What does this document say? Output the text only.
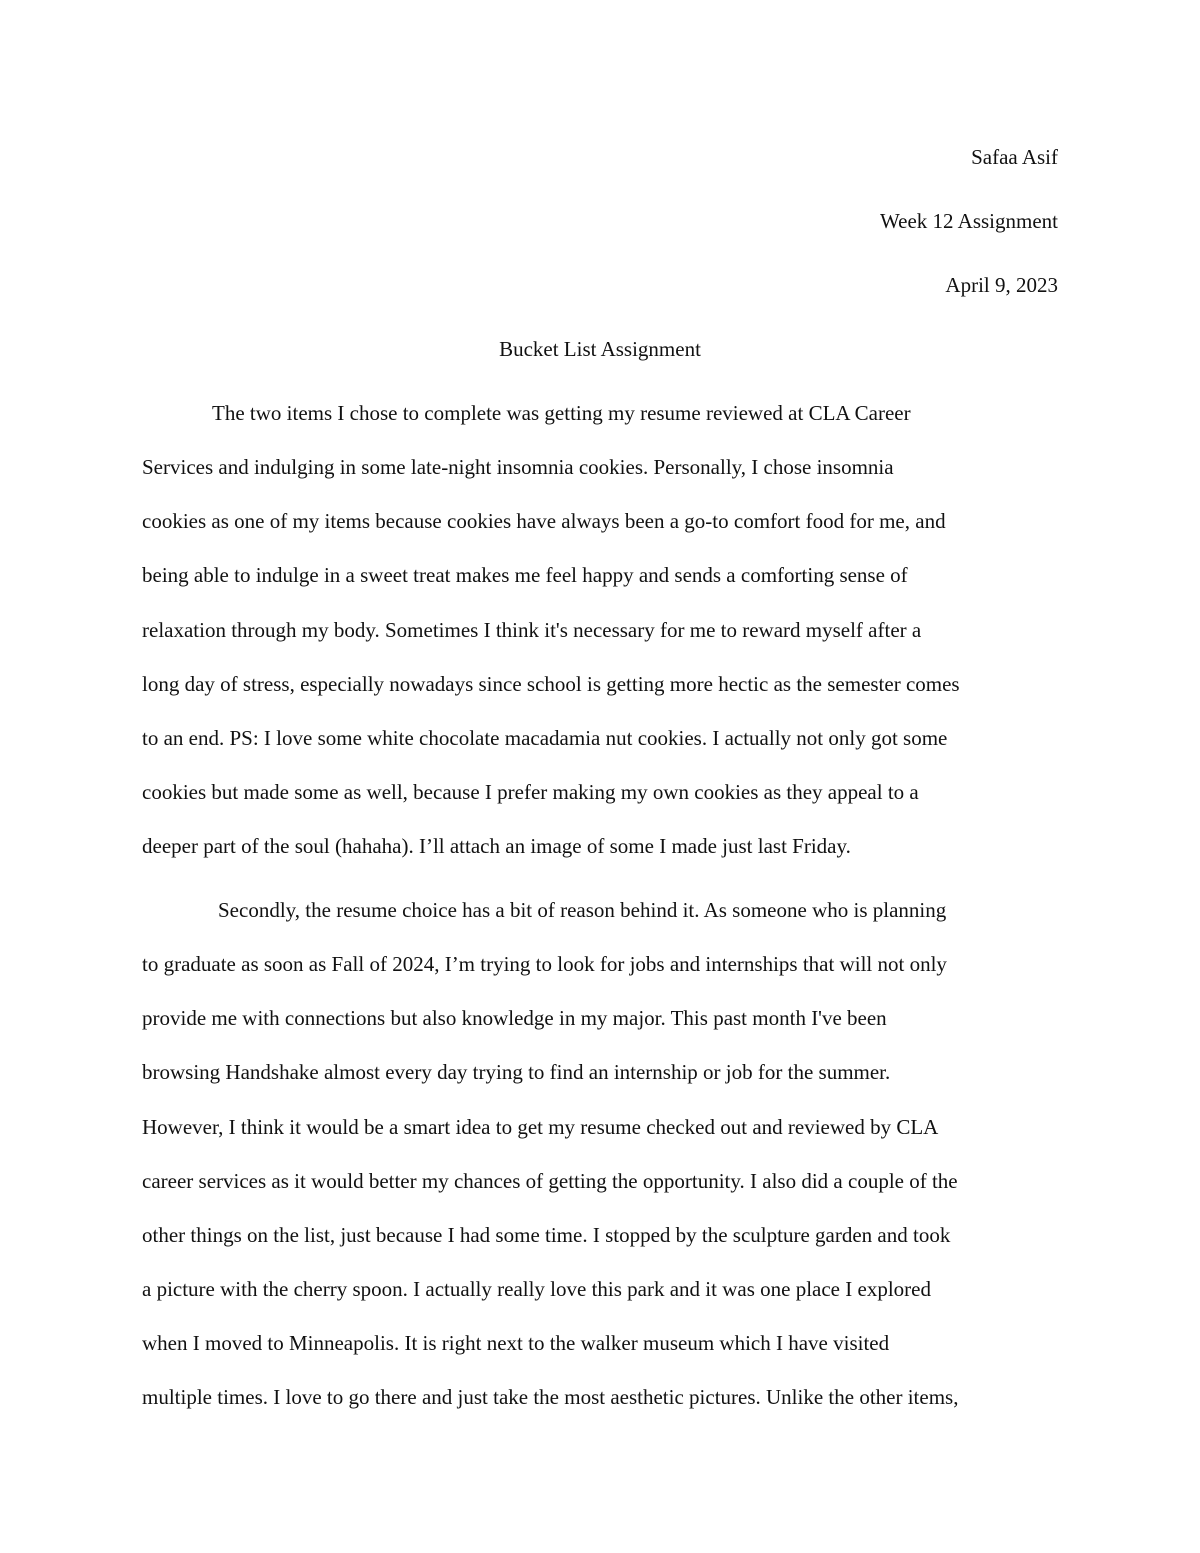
Safaa Asif
Week 12 Assignment
April 9, 2023
Bucket List Assignment
The two items I chose to complete was getting my resume reviewed at CLA Career
Services and indulging in some late-night insomnia cookies. Personally, I chose insomnia
cookies as one of my items because cookies have always been a go-to comfort food for me, and
being able to indulge in a sweet treat makes me feel happy and sends a comforting sense of
relaxation through my body. Sometimes I think it's necessary for me to reward myself after a
long day of stress, especially nowadays since school is getting more hectic as the semester comes
to an end. PS: I love some white chocolate macadamia nut cookies. I actually not only got some
cookies but made some as well, because I prefer making my own cookies as they appeal to a
deeper part of the soul (hahaha). I’ll attach an image of some I made just last Friday.
Secondly, the resume choice has a bit of reason behind it. As someone who is planning
to graduate as soon as Fall of 2024, I’m trying to look for jobs and internships that will not only
provide me with connections but also knowledge in my major. This past month I've been
browsing Handshake almost every day trying to find an internship or job for the summer.
However, I think it would be a smart idea to get my resume checked out and reviewed by CLA
career services as it would better my chances of getting the opportunity. I also did a couple of the
other things on the list, just because I had some time. I stopped by the sculpture garden and took
a picture with the cherry spoon. I actually really love this park and it was one place I explored
when I moved to Minneapolis. It is right next to the walker museum which I have visited
multiple times. I love to go there and just take the most aesthetic pictures. Unlike the other items,
